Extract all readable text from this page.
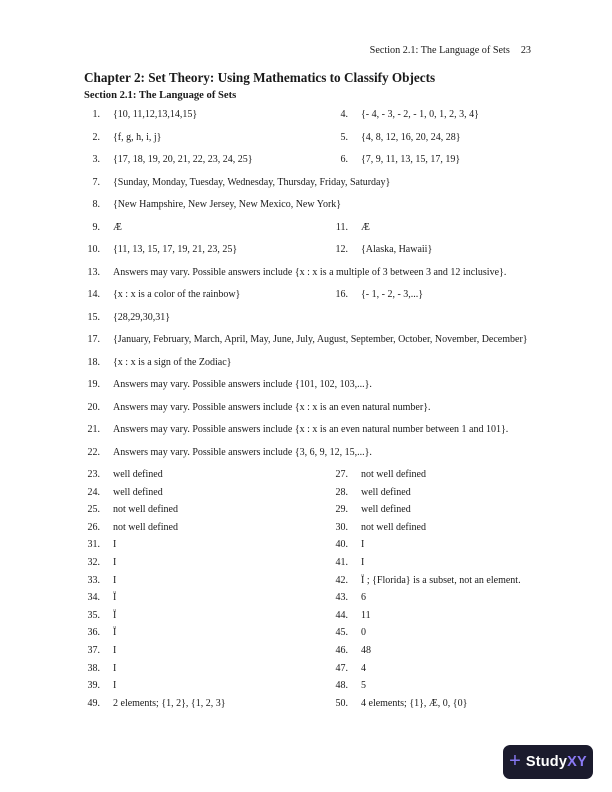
Section 2.1: The Language of Sets 23
Chapter 2: Set Theory: Using Mathematics to Classify Objects
Section 2.1: The Language of Sets
1. {10, 11,12,13,14,15}	4. {- 4, - 3, - 2, - 1, 0, 1, 2, 3, 4}
2. {f, g, h, i, j}	5. {4, 8, 12, 16, 20, 24, 28}
3. {17, 18, 19, 20, 21, 22, 23, 24, 25}	6. {7, 9, 11, 13, 15, 17, 19}
7. {Sunday, Monday, Tuesday, Wednesday, Thursday, Friday, Saturday}
8. {New Hampshire, New Jersey, New Mexico, New York}
9. Æ	11. Æ
10. {11, 13, 15, 17, 19, 21, 23, 25}	12. {Alaska, Hawaii}
13. Answers may vary. Possible answers include {x : x is a multiple of 3 between 3 and 12 inclusive}.
14. {x : x is a color of the rainbow}	16. {- 1, - 2, - 3,...}
15. {28,29,30,31}
17. {January, February, March, April, May, June, July, August, September, October, November, December}
18. {x : x is a sign of the Zodiac}
19. Answers may vary. Possible answers include {101, 102, 103,...}.
20. Answers may vary. Possible answers include {x : x is an even natural number}.
21. Answers may vary. Possible answers include {x : x is an even natural number between 1 and 101}.
22. Answers may vary. Possible answers include {3, 6, 9, 12, 15,...}.
23. well defined	27. not well defined
24. well defined	28. well defined
25. not well defined	29. well defined
26. not well defined	30. not well defined
31. I	40. I
32. I	41. I
33. I	42. Ï ; {Florida} is a subset, not an element.
34. Ï	43. 6
35. Ï	44. 11
36. Ï	45. 0
37. I	46. 48
38. I	47. 4
39. I	48. 5
49. 2 elements; {1, 2}, {1, 2, 3}	50. 4 elements; {1}, Æ, 0, {0}
+ Study XY
